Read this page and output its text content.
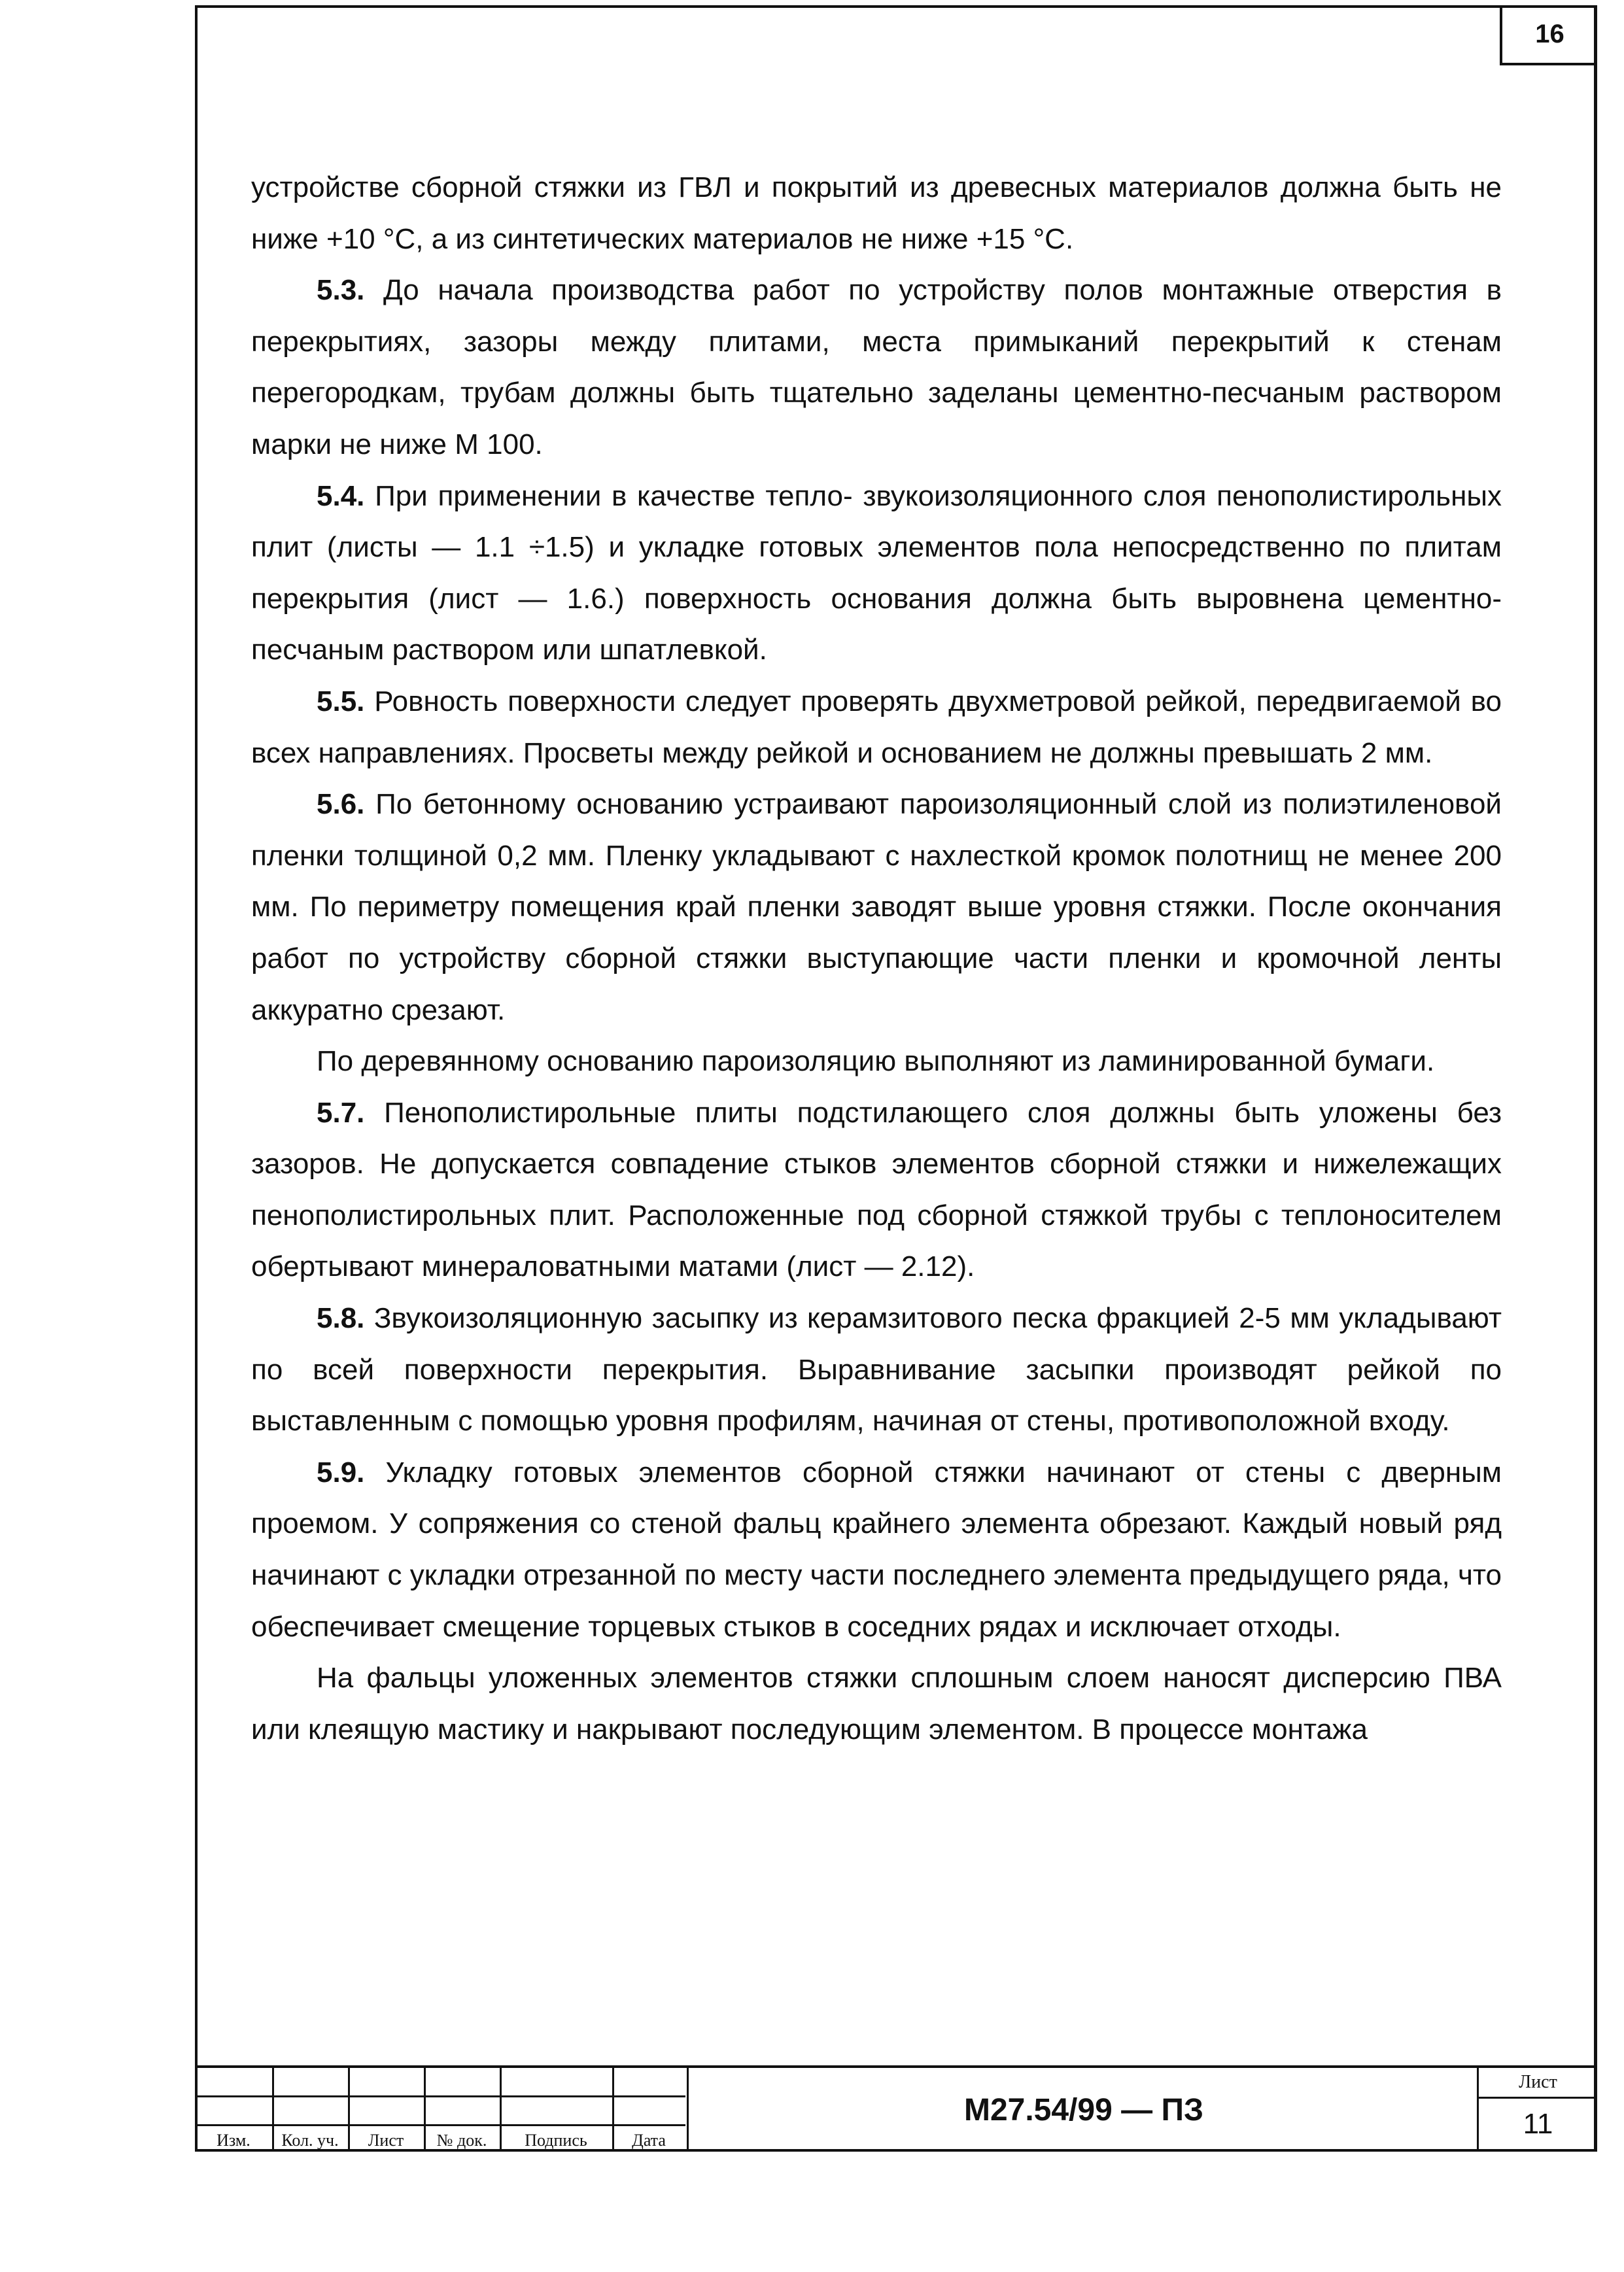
16

устройстве сборной стяжки из ГВЛ и покрытий из древесных материалов должна быть не ниже +10 °С, а из синтетических материалов не ниже +15 °С.

5.3. До начала производства работ по устройству полов монтажные отверстия в перекрытиях, зазоры между плитами, места примыканий перекрытий к стенам перегородкам, трубам должны быть тщательно заделаны цементно-песчаным раствором марки не ниже М 100.

5.4. При применении в качестве тепло- звукоизоляционного слоя пенополистирольных плит (листы — 1.1 ÷1.5) и укладке готовых элементов пола непосредственно по плитам перекрытия (лист — 1.6.) поверхность основания должна быть выровнена цементно-песчаным раствором или шпатлевкой.

5.5. Ровность поверхности следует проверять двухметровой рейкой, передвигаемой во всех направлениях. Просветы между рейкой и основанием не должны превышать 2 мм.

5.6. По бетонному основанию устраивают пароизоляционный слой из полиэтиленовой пленки толщиной 0,2 мм. Пленку укладывают с нахлесткой кромок полотнищ не менее 200 мм. По периметру помещения край пленки заводят выше уровня стяжки. После окончания работ по устройству сборной стяжки выступающие части пленки и кромочной ленты аккуратно срезают.

По деревянному основанию пароизоляцию выполняют из ламинированной бумаги.

5.7. Пенополистирольные плиты подстилающего слоя должны быть уложены без зазоров. Не допускается совпадение стыков элементов сборной стяжки и нижележащих пенополистирольных плит. Расположенные под сборной стяжкой трубы с теплоносителем обертывают минераловатными матами (лист — 2.12).

5.8. Звукоизоляционную засыпку из керамзитового песка фракцией 2-5 мм укладывают по всей поверхности перекрытия. Выравнивание засыпки производят рейкой по выставленным с помощью уровня профилям, начиная от стены, противоположной входу.

5.9. Укладку готовых элементов сборной стяжки начинают от стены с дверным проемом. У сопряжения со стеной фальц крайнего элемента обрезают. Каждый новый ряд начинают с укладки отрезанной по месту части последнего элемента предыдущего ряда, что обеспечивает смещение торцевых стыков в соседних рядах и исключает отходы.

На фальцы уложенных элементов стяжки сплошным слоем наносят дисперсию ПВА или клеящую мастику и накрывают последующим элементом. В процессе монтажа

Изм.	Кол. уч.	Лист	№ док.	Подпись	Дата
М27.54/99 — ПЗ
Лист
11
